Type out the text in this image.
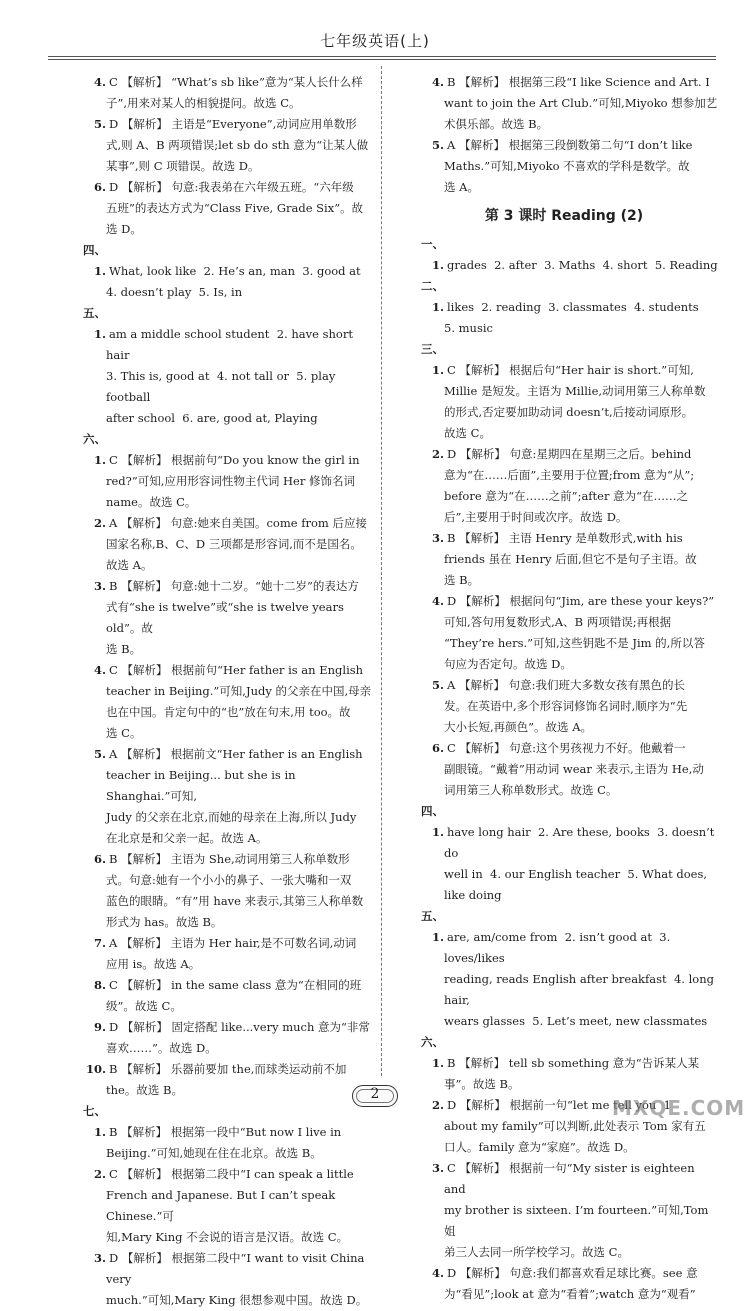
七年级英语(上)
4. C 【解析】 “What’s sb like”意为“某人长什么样
子”,用来对某人的相貌提问。故选 C。
5. D 【解析】 主语是“Everyone”,动词应用单数形
式,则 A、B 两项错误;let sb do sth 意为“让某人做
某事”,则 C 项错误。故选 D。
6. D 【解析】 句意:我表弟在六年级五班。“六年级
五班”的表达方式为“Class Five, Grade Six”。故
选 D。
四、1. What, look like  2. He’s an, man  3. good at
4. doesn’t play  5. Is, in
五、1. am a middle school student  2. have short hair
3. This is, good at  4. not tall or  5. play football
after school  6. are, good at, Playing
六、1. C 【解析】 根据前句“Do you know the girl in
red?”可知,应用形容词性物主代词 Her 修饰名词
name。故选 C。
2. A 【解析】 句意:她来自美国。come from 后应接
国家名称,B、C、D 三项都是形容词,而不是国名。
故选 A。
3. B 【解析】 句意:她十二岁。“她十二岁”的表达方
式有“she is twelve”或“she is twelve years old”。故
选 B。
4. C 【解析】 根据前句“Her father is an English
teacher in Beijing.”可知,Judy 的父亲在中国,母亲
也在中国。肯定句中的“也”放在句末,用 too。故
选 C。
5. A 【解析】 根据前文“Her father is an English
teacher in Beijing... but she is in Shanghai.”可知,
Judy 的父亲在北京,而她的母亲在上海,所以 Judy
在北京是和父亲一起。故选 A。
6. B 【解析】 主语为 She,动词用第三人称单数形
式。句意:她有一个小小的鼻子、一张大嘴和一双
蓝色的眼睛。“有”用 have 来表示,其第三人称单数
形式为 has。故选 B。
7. A 【解析】 主语为 Her hair,是不可数名词,动词
应用 is。故选 A。
8. C 【解析】 in the same class 意为“在相同的班
级”。故选 C。
9. D 【解析】 固定搭配 like...very much 意为“非常
喜欢……”。故选 D。
10. B 【解析】 乐器前要加 the,而球类运动前不加
the。故选 B。
七、1. B 【解析】 根据第一段中“But now I live in
Beijing.”可知,她现在住在北京。故选 B。
2. C 【解析】 根据第二段中“I can speak a little
French and Japanese. But I can’t speak Chinese.”可
知,Mary King 不会说的语言是汉语。故选 C。
3. D 【解析】 根据第二段中“I want to visit China very
much.”可知,Mary King 很想参观中国。故选 D。
4. B 【解析】 根据第三段“I like Science and Art. I
want to join the Art Club.”可知,Miyoko 想参加艺
术俱乐部。故选 B。
5. A 【解析】 根据第三段倒数第二句“I don’t like
Maths.”可知,Miyoko 不喜欢的学科是数学。故
选 A。
第 3 课时 Reading (2)
一、1. grades  2. after  3. Maths  4. short  5. Reading
二、1. likes  2. reading  3. classmates  4. students
5. music
三、1. C 【解析】 根据后句“Her hair is short.”可知,
Millie 是短发。主语为 Millie,动词用第三人称单数
的形式,否定要加助动词 doesn’t,后接动词原形。
故选 C。
2. D 【解析】 句意:星期四在星期三之后。behind
意为“在……后面”,主要用于位置;from 意为“从”;
before 意为“在……之前”;after 意为“在……之
后”,主要用于时间或次序。故选 D。
3. B 【解析】 主语 Henry 是单数形式,with his
friends 虽在 Henry 后面,但它不是句子主语。故
选 B。
4. D 【解析】 根据问句“Jim, are these your keys?”
可知,答句用复数形式,A、B 两项错误;再根据
“They’re hers.”可知,这些钥匙不是 Jim 的,所以答
句应为否定句。故选 D。
5. A 【解析】 句意:我们班大多数女孩有黑色的长
发。在英语中,多个形容词修饰名词时,顺序为“先
大小长短,再颜色”。故选 A。
6. C 【解析】 句意:这个男孩视力不好。他戴着一
副眼镜。“戴着”用动词 wear 来表示,主语为 He,动
词用第三人称单数形式。故选 C。
四、1. have long hair  2. Are these, books  3. doesn’t do
well in  4. our English teacher  5. What does,
like doing
五、1. are, am/come from  2. isn’t good at  3. loves/likes
reading, reads English after breakfast  4. long hair,
wears glasses  5. Let’s meet, new classmates
六、1. B 【解析】 tell sb something 意为“告诉某人某
事”。故选 B。
2. D 【解析】 根据前一句“let me tell you  1
about my family”可以判断,此处表示 Tom 家有五
口人。family 意为“家庭”。故选 D。
3. C 【解析】 根据前一句“My sister is eighteen and
my brother is sixteen. I’m fourteen.”可知,Tom 姐
弟三人去同一所学校学习。故选 C。
4. D 【解析】 句意:我们都喜欢看足球比赛。see 意
为“看见”;look at 意为“看着”;watch 意为“观看”
2
MXQE.COM
